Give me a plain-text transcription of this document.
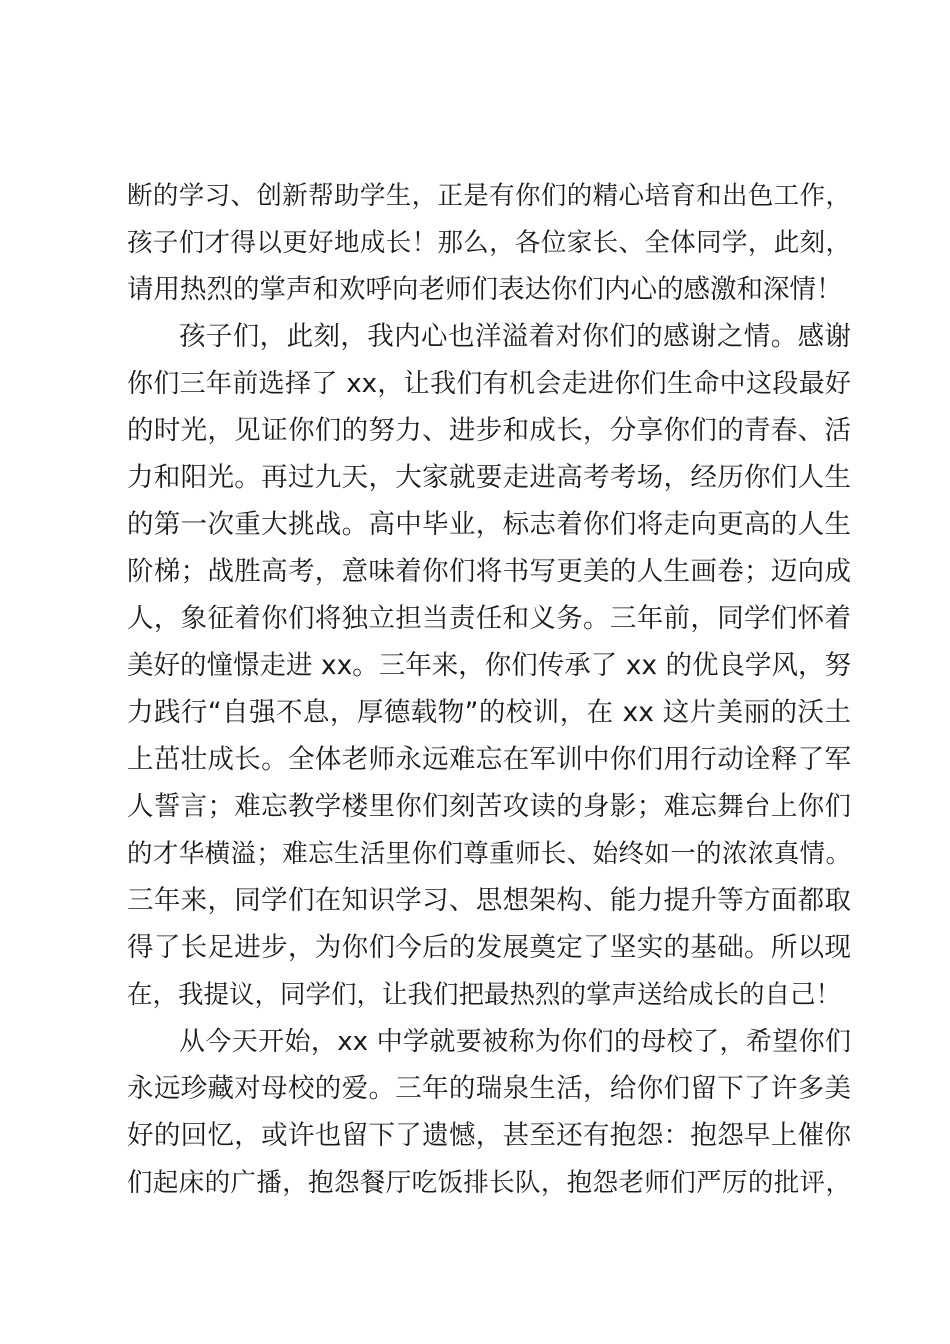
断的学习、创新帮助学生，正是有你们的精心培育和出色工作，
孩子们才得以更好地成长！那么，各位家长、全体同学，此刻，
请用热烈的掌声和欢呼向老师们表达你们内心的感激和深情！
孩子们，此刻，我内心也洋溢着对你们的感谢之情。感谢
你们三年前选择了 xx，让我们有机会走进你们生命中这段最好
的时光，见证你们的努力、进步和成长，分享你们的青春、活
力和阳光。再过九天，大家就要走进高考考场，经历你们人生
的第一次重大挑战。高中毕业，标志着你们将走向更高的人生
阶梯；战胜高考，意味着你们将书写更美的人生画卷；迈向成
人，象征着你们将独立担当责任和义务。三年前，同学们怀着
美好的憧憬走进 xx。三年来，你们传承了 xx 的优良学风，努
力践行“自强不息，厚德载物”的校训，在 xx 这片美丽的沃土
上茁壮成长。全体老师永远难忘在军训中你们用行动诠释了军
人誓言；难忘教学楼里你们刻苦攻读的身影；难忘舞台上你们
的才华横溢；难忘生活里你们尊重师长、始终如一的浓浓真情。
三年来，同学们在知识学习、思想架构、能力提升等方面都取
得了长足进步，为你们今后的发展奠定了坚实的基础。所以现
在，我提议，同学们，让我们把最热烈的掌声送给成长的自己！
从今天开始，xx 中学就要被称为你们的母校了，希望你们
永远珍藏对母校的爱。三年的瑞泉生活，给你们留下了许多美
好的回忆，或许也留下了遗憾，甚至还有抱怨：抱怨早上催你
们起床的广播，抱怨餐厅吃饭排长队，抱怨老师们严厉的批评，
